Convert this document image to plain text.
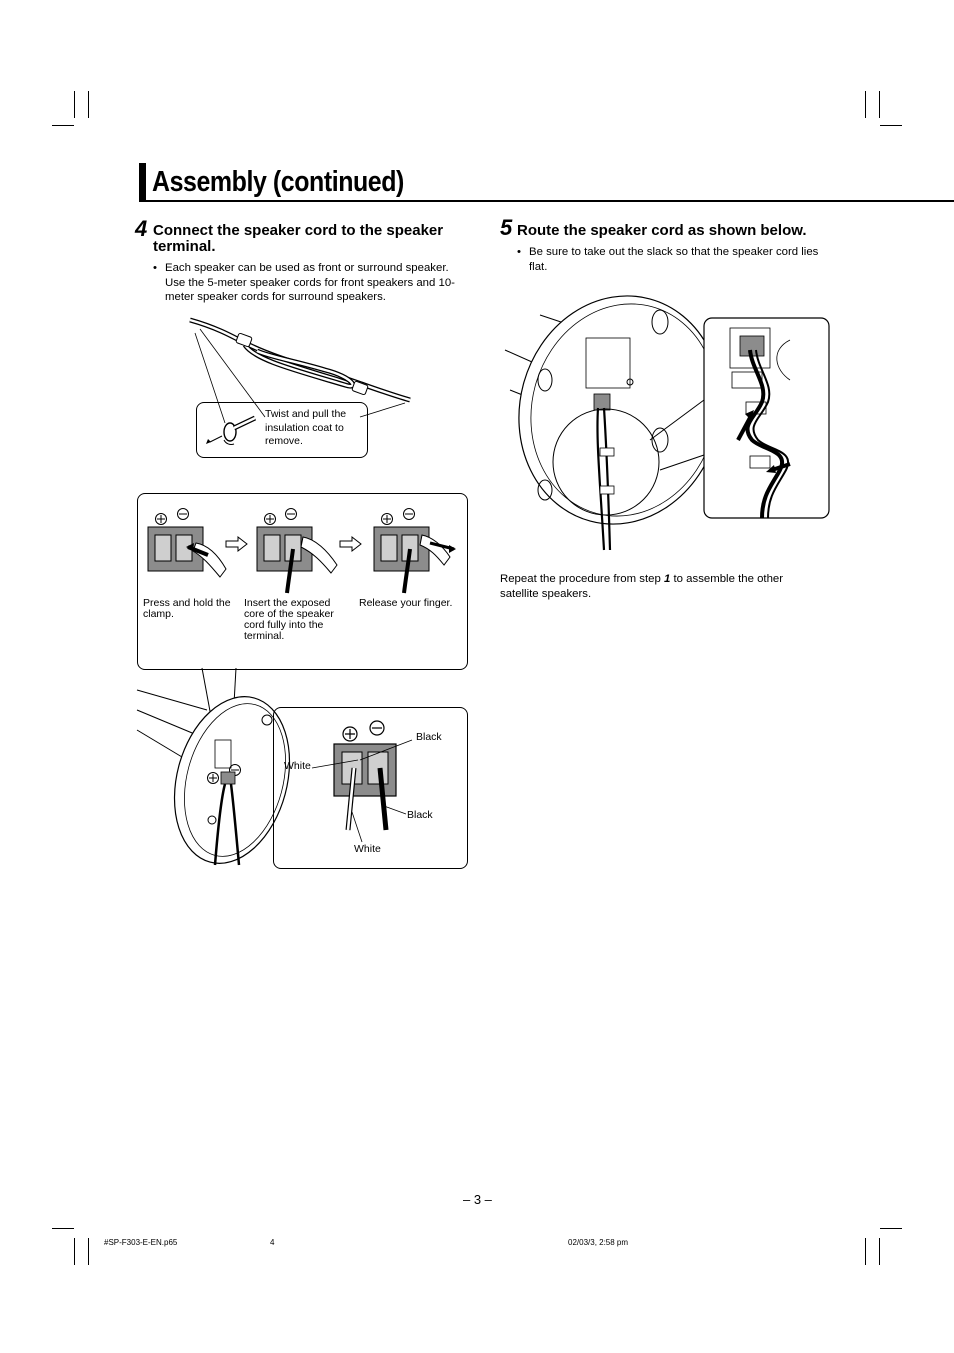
Assembly (continued)
4 Connect the speaker cord to the speaker terminal.
• Each speaker can be used as front or surround speaker. Use the 5-meter speaker cords for front speakers and 10-meter speaker cords for surround speakers.
Twist and pull the insulation coat to remove.
Press and hold the clamp.
Insert the exposed core of the speaker cord fully into the terminal.
Release your finger.
Black
White
Black
White
5 Route the speaker cord as shown below.
• Be sure to take out the slack so that the speaker cord lies flat.
Repeat the procedure from step 1 to assemble the other satellite speakers.
– 3 –
#SP-F303-E-EN.p65	4	02/03/3, 2:58 pm
